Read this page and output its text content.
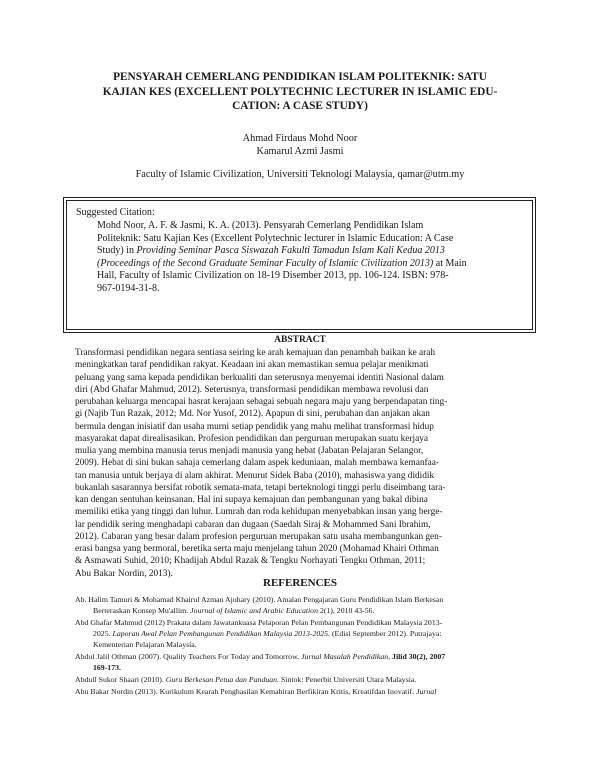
PENSYARAH CEMERLANG PENDIDIKAN ISLAM POLITEKNIK: SATU
KAJIAN KES (EXCELLENT POLYTECHNIC LECTURER IN ISLAMIC EDU-
CATION: A CASE STUDY)
Ahmad Firdaus Mohd Noor
Kamarul Azmi Jasmi
Faculty of Islamic Civilization, Universiti Teknologi Malaysia, qamar@utm.my
Suggested Citation:
Mohd Noor, A. F. & Jasmi, K. A. (2013). Pensyarah Cemerlang Pendidikan Islam
Politeknik: Satu Kajian Kes (Excellent Polytechnic lecturer in Islamic Education: A Case
Study) in Providing Seminar Pasca Siswazah Fakulti Tamadun Islam Kali Kedua 2013
(Proceedings of the Second Graduate Seminar Faculty of Islamic Civilization 2013) at Main
Hall, Faculty of Islamic Civilization on 18-19 Disember 2013, pp. 106-124. ISBN: 978-
967-0194-31-8.
ABSTRACT
Transformasi pendidikan negara sentiasa seiring ke arah kemajuan dan penambah baikan ke arah
meningkatkan taraf pendidikan rakyat. Keadaan ini akan memastikan semua pelajar menikmati
peluang yang sama kepada pendidikan berkualiti dan seterusnya menyemai identiti Nasional dalam
diri (Abd Ghafar Mahmud, 2012). Seterusnya, transformasi pendidikan membawa revolusi dan
perubahan keluarga mencapai hasrat kerajaan sebagai sebuah negara maju yang berpendapatan ting-
gi (Najib Tun Razak, 2012; Md. Nor Yusof, 2012). Apapun di sini, perubahan dan anjakan akan
bermula dengan inisiatif dan usaha murni setiap pendidik yang mahu melihat transformasi hidup
masyarakat dapat direalisasikan. Profesion pendidikan dan perguruan merupakan suatu kerjaya
mulia yang membina manusia terus menjadi manusia yang hebat (Jabatan Pelajaran Selangor,
2009). Hebat di sini bukan sahaja cemerlang dalam aspek keduniaan, malah membawa kemanfaa-
tan manusia untuk berjaya di alam akhirat. Menurut Sidek Baba (2010), mahasiswa yang dididik
bukanlah sasarannya bersifat robotik semata-mata, tetapi berteknologi tinggi perlu diseimbang tara-
kan dengan sentuhan keinsanan. Hal ini supaya kemajuan dan pembangunan yang bakal dibina
memiliki etika yang tinggi dan luhur. Lumrah dan roda kehidupan menyebabkan insan yang berge-
lar pendidik sering menghadapi cabaran dan dugaan (Saedah Siraj & Mohammed Sani Ibrahim,
2012). Cabaran yang besar dalam profesion perguruan merupakan satu usaha membangunkan gen-
erasi bangsa yang bermoral, beretika serta maju menjelang tahun 2020 (Mohamad Khairi Othman
& Asmawati Suhid, 2010; Khadijah Abdul Razak & Tengku Norhayati Tengku Othman, 2011;
Abu Bakar Nordin, 2013).
REFERENCES
Ab. Halim Tamuri & Mohamad Khairul Azman Ajuhary (2010). Amalan Pengajaran Guru Pendidikan Islam Berkesan
Berteraskan Konsep Mu'allim. Journal of Islamic and Arabic Education 2(1), 2010 43-56.
Abd Ghafar Mahmud (2012) Prakata dalam Jawatankuasa Pelaporan Pelan Pembangunan Pendidikan Malaysia 2013-
2025. Laporan Awal Pelan Pembangunan Pendidikan Malaysia 2013-2025. (Edisi September 2012). Putrajaya:
Kementerian Pelajaran Malaysia.
Abdul Jalil Othman (2007). Quality Teachers For Today and Tomorrow. Jurnal Masalah Pendidikan, Jilid 30(2), 2007
169-173.
Abdull Sukor Shaari (2010). Guru Berkesan Petua dan Panduan. Sintok: Penerbit Universiti Utara Malaysia.
Abu Bakar Nordin (2013). Kurikulum Kearah Penghasilan Kemahiran Berfikiran Kritis, Kreatifdan Inovatif. Jurnal
